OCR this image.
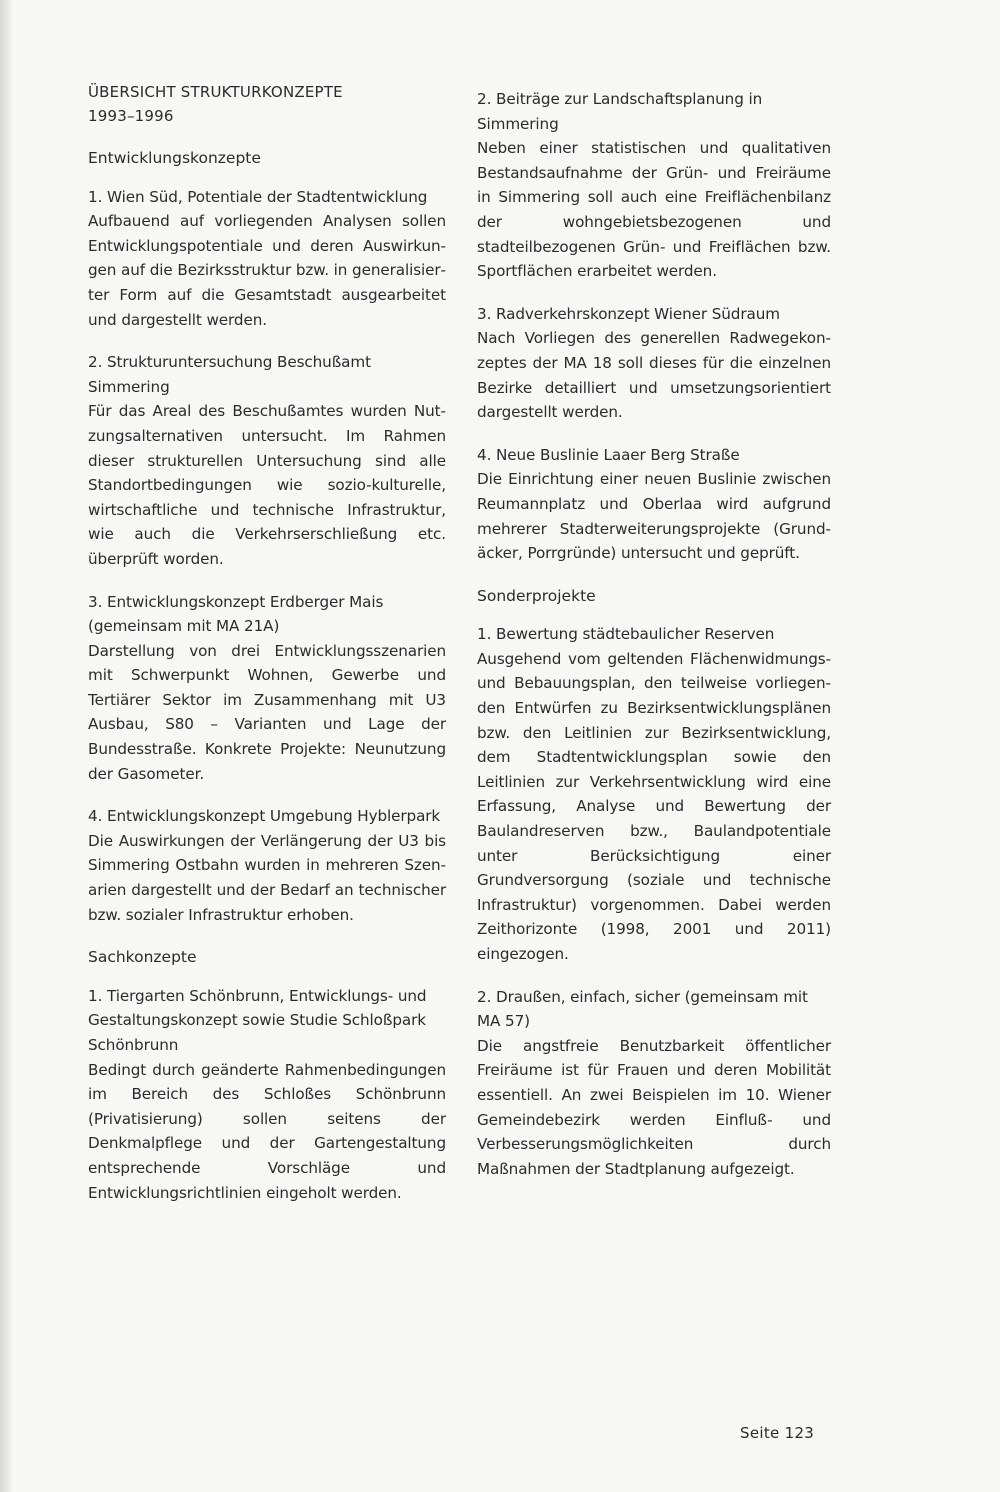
ÜBERSICHT STRUKTURKONZEPTE
1993–1996
Entwicklungskonzepte

1. Wien Süd, Potentiale der Stadtentwicklung

Aufbauend auf vorliegenden Analysen sollen Entwicklungspotentiale und deren Auswirkungen auf die Bezirksstruktur bzw. in generalisierter Form auf die Gesamtstadt ausgearbeitet und dargestellt werden.

2. Strukturuntersuchung Beschußamt Simmering

Für das Areal des Beschußamtes wurden Nutzungsalternativen untersucht. Im Rahmen dieser strukturellen Untersuchung sind alle Standortbedingungen wie sozio-kulturelle, wirtschaftliche und technische Infrastruktur, wie auch die Verkehrserschließung etc. überprüft worden.

3. Entwicklungskonzept Erdberger Mais (gemeinsam mit MA 21A)

Darstellung von drei Entwicklungsszenarien mit Schwerpunkt Wohnen, Gewerbe und Tertiärer Sektor im Zusammenhang mit U3 Ausbau, S80 – Varianten und Lage der Bundesstraße. Konkrete Projekte: Neunutzung der Gasometer.

4. Entwicklungskonzept Umgebung Hyblerpark

Die Auswirkungen der Verlängerung der U3 bis Simmering Ostbahn wurden in mehreren Szenarien dargestellt und der Bedarf an technischer bzw. sozialer Infrastruktur erhoben.

Sachkonzepte

1. Tiergarten Schönbrunn, Entwicklungs- und Gestaltungskonzept sowie Studie Schloßpark Schönbrunn

Bedingt durch geänderte Rahmenbedingungen im Bereich des Schloßes Schönbrunn (Privatisierung) sollen seitens der Denkmalpflege und der Gartengestaltung entsprechende Vorschläge und Entwicklungsrichtlinien eingeholt werden.

2. Beiträge zur Landschaftsplanung in Simmering

Neben einer statistischen und qualitativen Bestandsaufnahme der Grün- und Freiräume in Simmering soll auch eine Freiflächenbilanz der wohngebietsbezogenen und stadteilbezogenen Grün- und Freiflächen bzw. Sportflächen erarbeitet werden.

3. Radverkehrskonzept Wiener Südraum

Nach Vorliegen des generellen Radwegekonzeptes der MA 18 soll dieses für die einzelnen Bezirke detailliert und umsetzungsorientiert dargestellt werden.

4. Neue Buslinie Laaer Berg Straße

Die Einrichtung einer neuen Buslinie zwischen Reumannplatz und Oberlaa wird aufgrund mehrerer Stadterweiterungsprojekte (Grundäcker, Porrgründe) untersucht und geprüft.

Sonderprojekte

1. Bewertung städtebaulicher Reserven

Ausgehend vom geltenden Flächenwidmungs- und Bebauungsplan, den teilweise vorliegenden Entwürfen zu Bezirksentwicklungsplänen bzw. den Leitlinien zur Bezirksentwicklung, dem Stadtentwicklungsplan sowie den Leitlinien zur Verkehrsentwicklung wird eine Erfassung, Analyse und Bewertung der Baulandreserven bzw., Baulandpotentiale unter Berücksichtigung einer Grundversorgung (soziale und technische Infrastruktur) vorgenommen. Dabei werden Zeithorizonte (1998, 2001 und 2011) eingezogen.

2. Draußen, einfach, sicher (gemeinsam mit MA 57)

Die angstfreie Benutzbarkeit öffentlicher Freiräume ist für Frauen und deren Mobilität essentiell. An zwei Beispielen im 10. Wiener Gemeindebezirk werden Einfluß- und Verbesserungsmöglichkeiten durch Maßnahmen der Stadtplanung aufgezeigt.

Seite 123
